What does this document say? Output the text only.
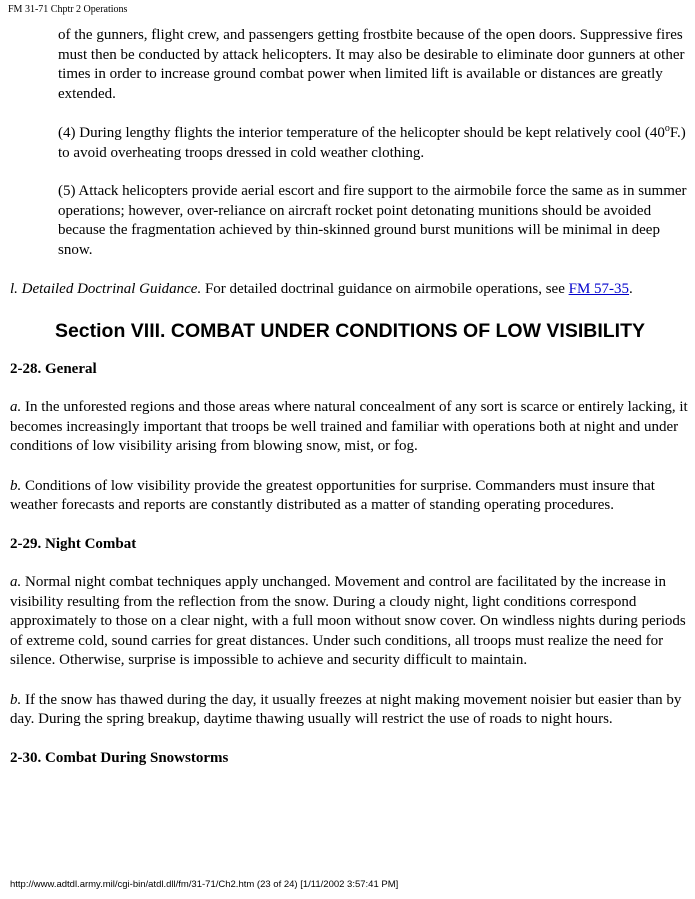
FM 31-71 Chptr 2 Operations

of the gunners, flight crew, and passengers getting frostbite because of the open doors. Suppressive fires must then be conducted by attack helicopters. It may also be desirable to eliminate door gunners at other times in order to increase ground combat power when limited lift is available or distances are greatly extended.

(4) During lengthy flights the interior temperature of the helicopter should be kept relatively cool (40$^o$F.) to avoid overheating troops dressed in cold weather clothing.

(5) Attack helicopters provide aerial escort and fire support to the airmobile force the same as in summer operations; however, over-reliance on aircraft rocket point detonating munitions should be avoided because the fragmentation achieved by thin-skinned ground burst munitions will be minimal in deep snow.

l. Detailed Doctrinal Guidance. For detailed doctrinal guidance on airmobile operations, see FM 57-35.

Section VIII. COMBAT UNDER CONDITIONS OF LOW VISIBILITY
2-28. General

a. In the unforested regions and those areas where natural concealment of any sort is scarce or entirely lacking, it becomes increasingly important that troops be well trained and familiar with operations both at night and under conditions of low visibility arising from blowing snow, mist, or fog.

b. Conditions of low visibility provide the greatest opportunities for surprise. Commanders must insure that weather forecasts and reports are constantly distributed as a matter of standing operating procedures.

2-29. Night Combat

a. Normal night combat techniques apply unchanged. Movement and control are facilitated by the increase in visibility resulting from the reflection from the snow. During a cloudy night, light conditions correspond approximately to those on a clear night, with a full moon without snow cover. On windless nights during periods of extreme cold, sound carries for great distances. Under such conditions, all troops must realize the need for silence. Otherwise, surprise is impossible to achieve and security difficult to maintain.

b. If the snow has thawed during the day, it usually freezes at night making movement noisier but easier than by day. During the spring breakup, daytime thawing usually will restrict the use of roads to night hours.

2-30. Combat During Snowstorms
http://www.adtdl.army.mil/cgi-bin/atdl.dll/fm/31-71/Ch2.htm (23 of 24) [1/11/2002 3:57:41 PM]
